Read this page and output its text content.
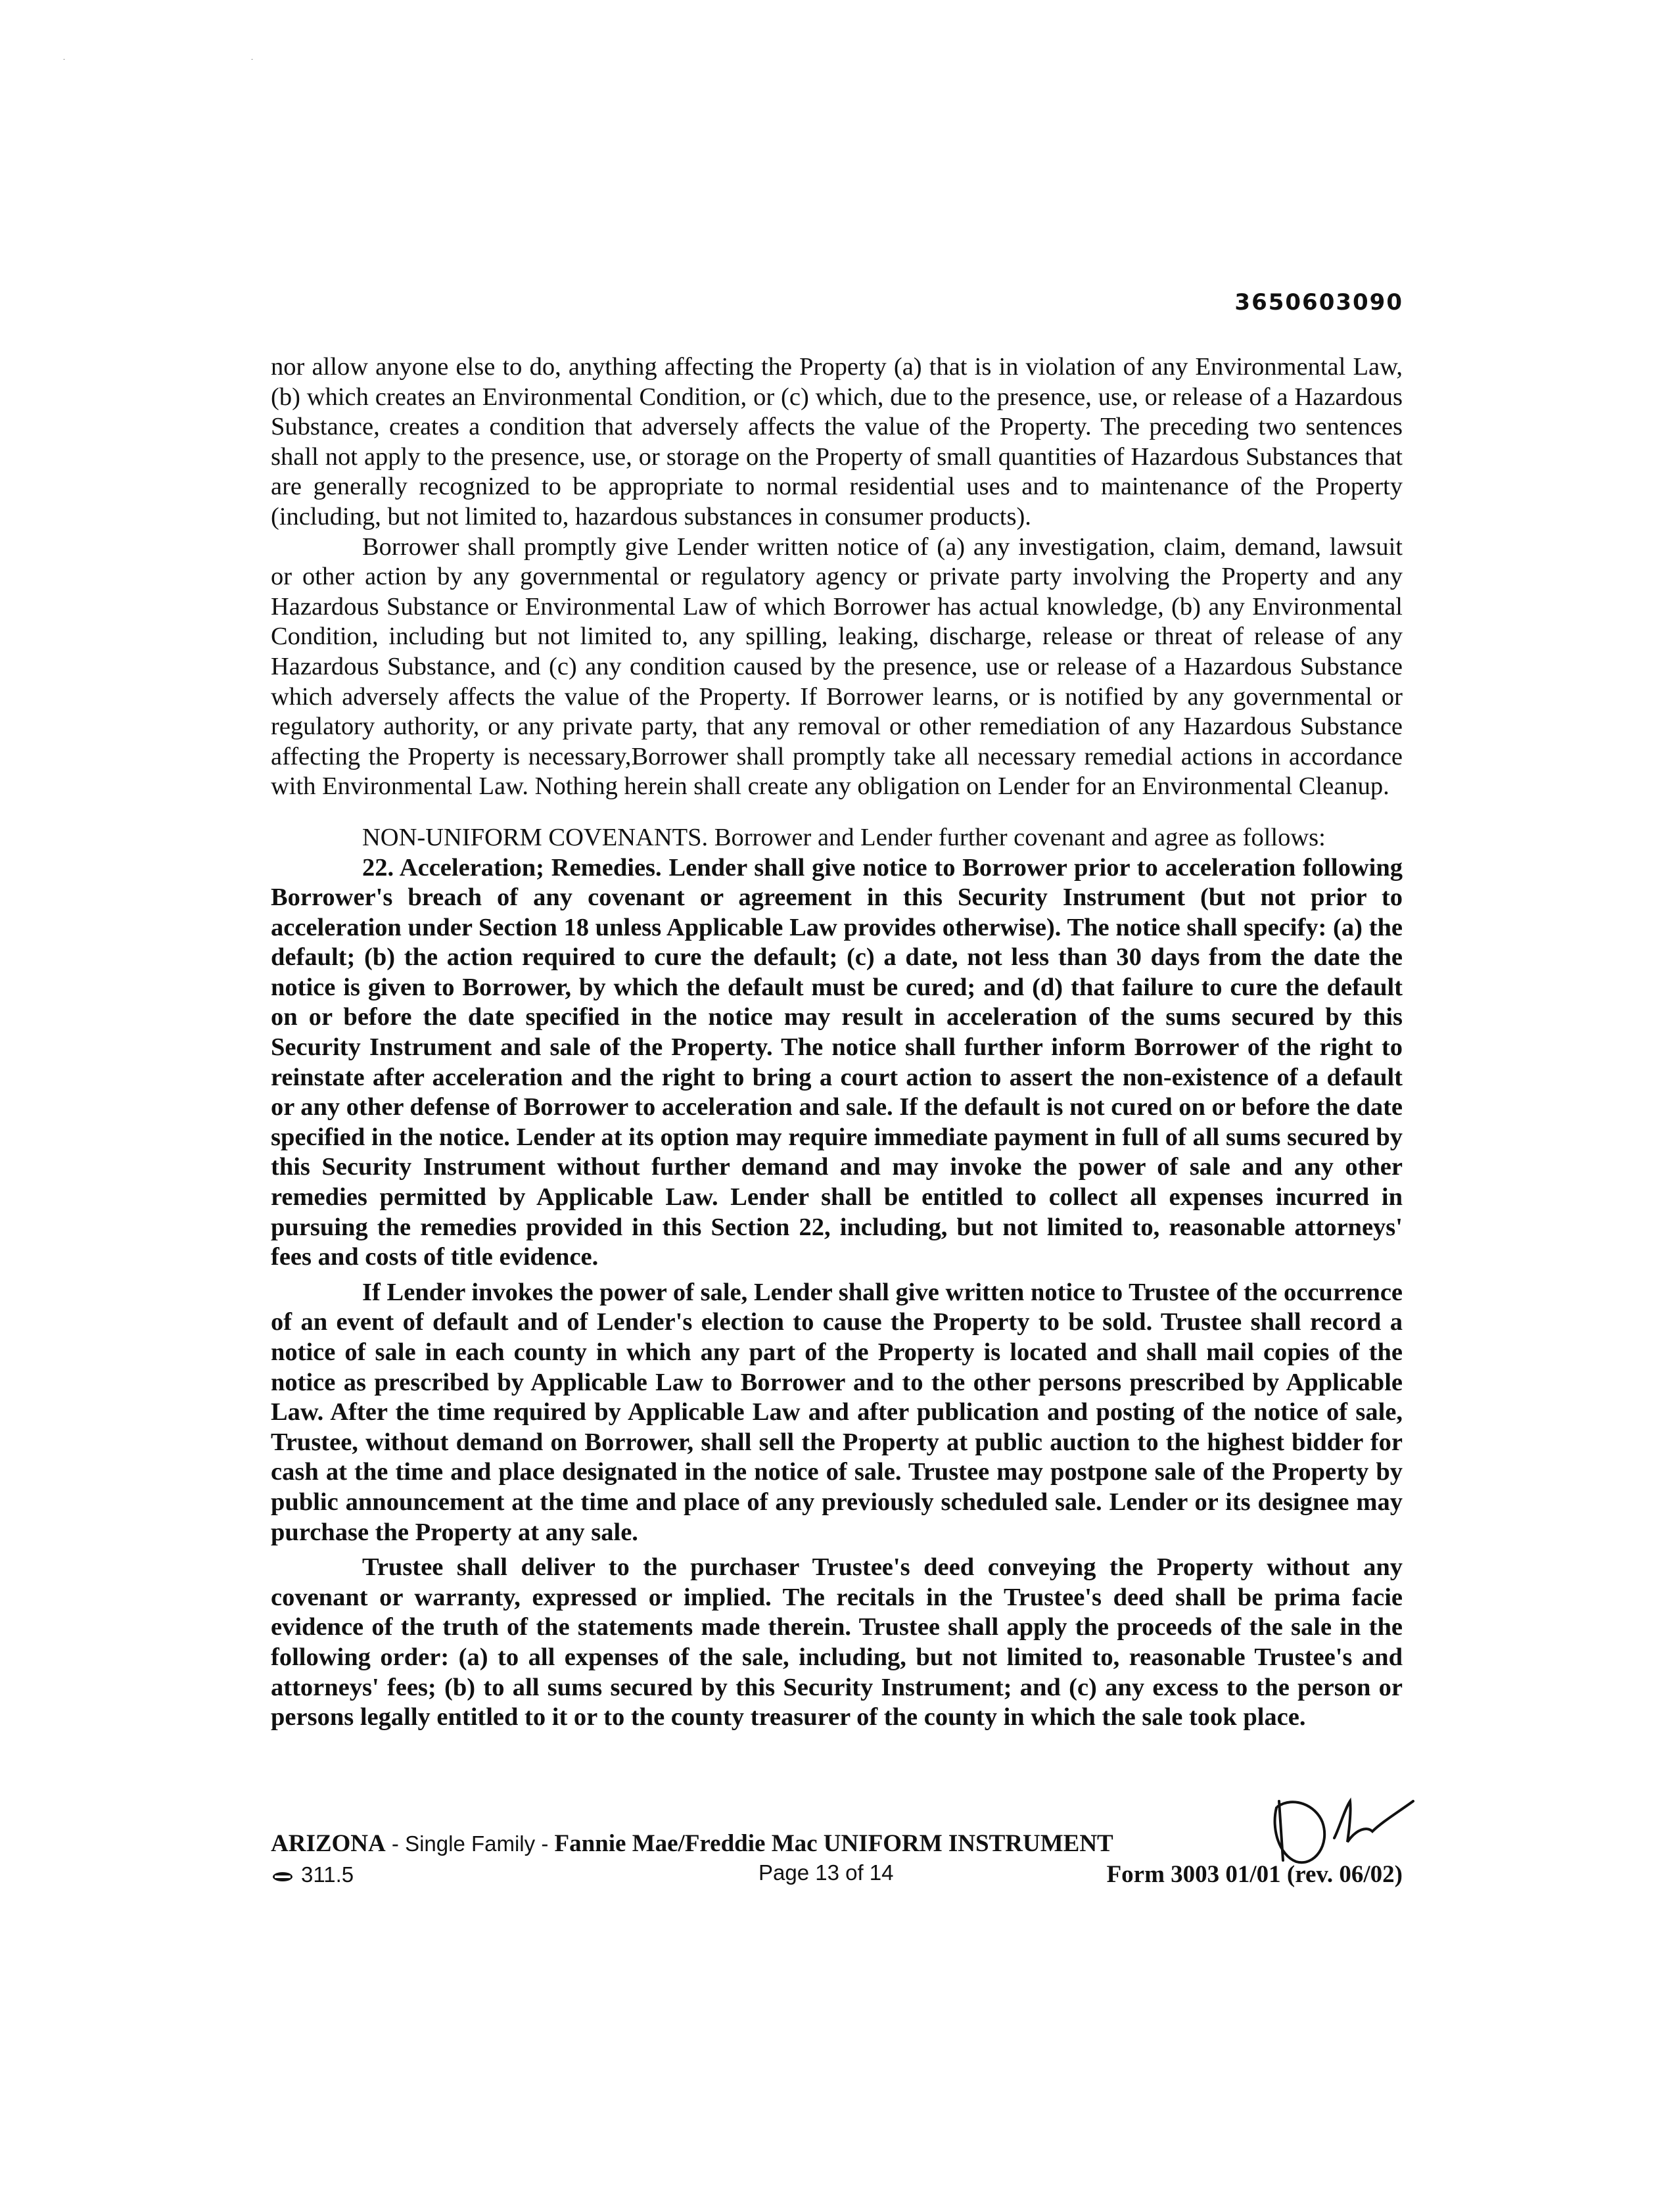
. .
3650603090

nor allow anyone else to do, anything affecting the Property (a) that is in violation of any Environmental Law, (b) which creates an Environmental Condition, or (c) which, due to the presence, use, or release of a Hazardous Substance, creates a condition that adversely affects the value of the Property. The preceding two sentences shall not apply to the presence, use, or storage on the Property of small quantities of Hazardous Substances that are generally recognized to be appropriate to normal residential uses and to maintenance of the Property (including, but not limited to, hazardous substances in consumer products).

Borrower shall promptly give Lender written notice of (a) any investigation, claim, demand, lawsuit or other action by any governmental or regulatory agency or private party involving the Property and any Hazardous Substance or Environmental Law of which Borrower has actual knowledge, (b) any Environmental Condition, including but not limited to, any spilling, leaking, discharge, release or threat of release of any Hazardous Substance, and (c) any condition caused by the presence, use or release of a Hazardous Substance which adversely affects the value of the Property. If Borrower learns, or is notified by any governmental or regulatory authority, or any private party, that any removal or other remediation of any Hazardous Substance affecting the Property is necessary,Borrower shall promptly take all necessary remedial actions in accordance with Environmental Law. Nothing herein shall create any obligation on Lender for an Environmental Cleanup.

NON-UNIFORM COVENANTS. Borrower and Lender further covenant and agree as follows:

22. Acceleration; Remedies. Lender shall give notice to Borrower prior to acceleration following Borrower's breach of any covenant or agreement in this Security Instrument (but not prior to acceleration under Section 18 unless Applicable Law provides otherwise). The notice shall specify: (a) the default; (b) the action required to cure the default; (c) a date, not less than 30 days from the date the notice is given to Borrower, by which the default must be cured; and (d) that failure to cure the default on or before the date specified in the notice may result in acceleration of the sums secured by this Security Instrument and sale of the Property. The notice shall further inform Borrower of the right to reinstate after acceleration and the right to bring a court action to assert the non-existence of a default or any other defense of Borrower to acceleration and sale. If the default is not cured on or before the date specified in the notice. Lender at its option may require immediate payment in full of all sums secured by this Security Instrument without further demand and may invoke the power of sale and any other remedies permitted by Applicable Law. Lender shall be entitled to collect all expenses incurred in pursuing the remedies provided in this Section 22, including, but not limited to, reasonable attorneys' fees and costs of title evidence.

If Lender invokes the power of sale, Lender shall give written notice to Trustee of the occurrence of an event of default and of Lender's election to cause the Property to be sold. Trustee shall record a notice of sale in each county in which any part of the Property is located and shall mail copies of the notice as prescribed by Applicable Law to Borrower and to the other persons prescribed by Applicable Law. After the time required by Applicable Law and after publication and posting of the notice of sale, Trustee, without demand on Borrower, shall sell the Property at public auction to the highest bidder for cash at the time and place designated in the notice of sale. Trustee may postpone sale of the Property by public announcement at the time and place of any previously scheduled sale. Lender or its designee may purchase the Property at any sale.

Trustee shall deliver to the purchaser Trustee's deed conveying the Property without any covenant or warranty, expressed or implied. The recitals in the Trustee's deed shall be prima facie evidence of the truth of the statements made therein. Trustee shall apply the proceeds of the sale in the following order: (a) to all expenses of the sale, including, but not limited to, reasonable Trustee's and attorneys' fees; (b) to all sums secured by this Security Instrument; and (c) any excess to the person or persons legally entitled to it or to the county treasurer of the county in which the sale took place.

ARIZONA - Single Family - Fannie Mae/Freddie Mac UNIFORM INSTRUMENT
311.5	Page 13 of 14	Form 3003 01/01 (rev. 06/02)
